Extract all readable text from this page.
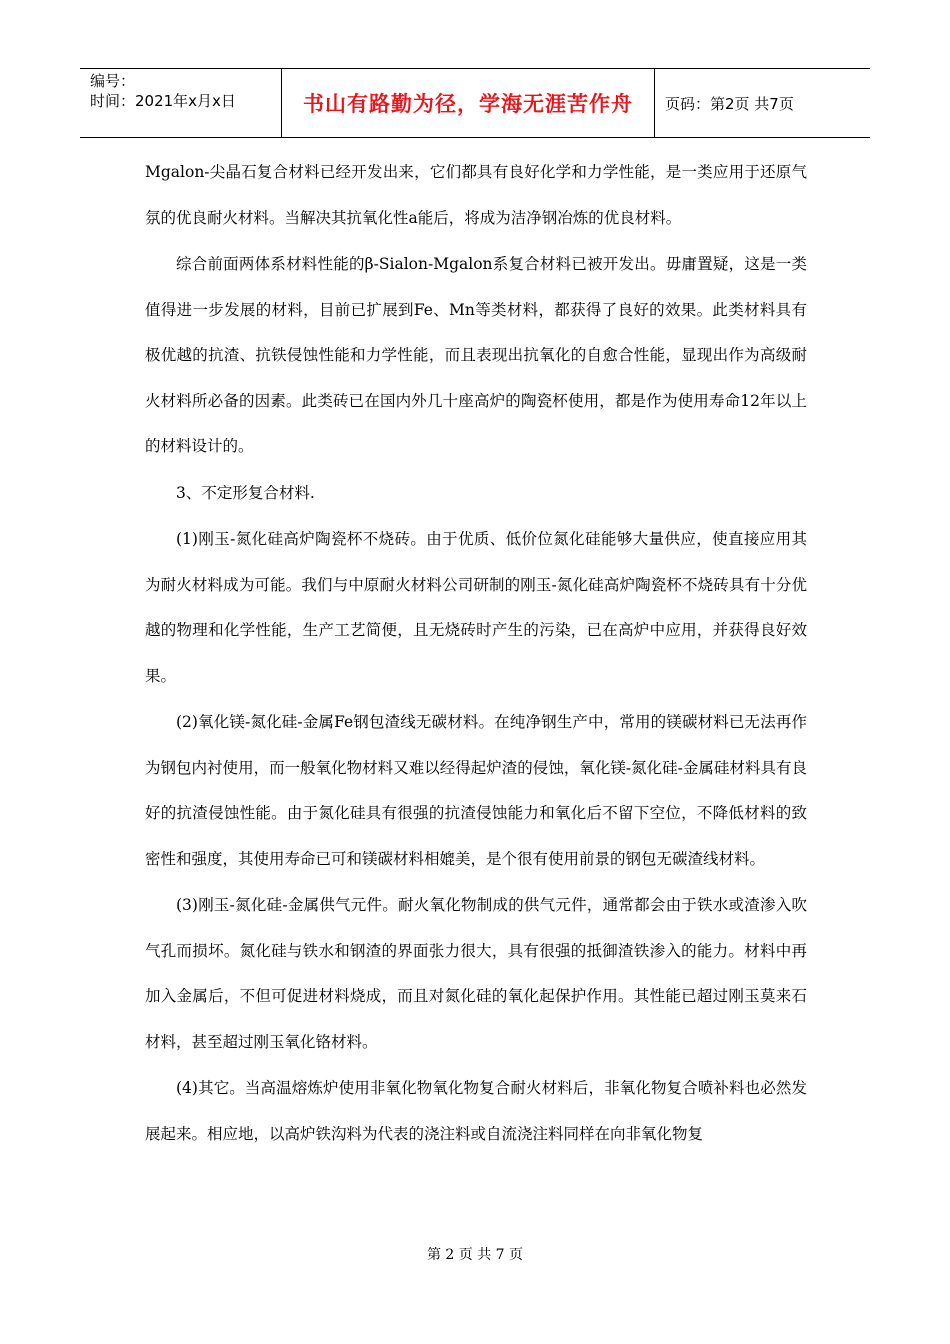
编号：
时间：2021年x月x日	书山有路勤为径，学海无涯苦作舟 页码：第2页 共7页

Mgalon-尖晶石复合材料已经开发出来，它们都具有良好化学和力学性能，是一类应用于还原气氛的优良耐火材料。当解决其抗氧化性a能后，将成为洁净钢冶炼的优良材料。

综合前面两体系材料性能的β-Sialon-Mgalon系复合材料已被开发出。毋庸置疑，这是一类值得进一步发展的材料，目前已扩展到Fe、Mn等类材料，都获得了良好的效果。此类材料具有极优越的抗渣、抗铁侵蚀性能和力学性能，而且表现出抗氧化的自愈合性能，显现出作为高级耐火材料所必备的因素。此类砖已在国内外几十座高炉的陶瓷杯使用，都是作为使用寿命12年以上的材料设计的。

3、不定形复合材料.

(1)刚玉-氮化硅高炉陶瓷杯不烧砖。由于优质、低价位氮化硅能够大量供应，使直接应用其为耐火材料成为可能。我们与中原耐火材料公司研制的刚玉-氮化硅高炉陶瓷杯不烧砖具有十分优越的物理和化学性能，生产工艺简便，且无烧砖时产生的污染，已在高炉中应用，并获得良好效果。

(2)氧化镁-氮化硅-金属Fe钢包渣线无碳材料。在纯净钢生产中，常用的镁碳材料已无法再作为钢包内衬使用，而一般氧化物材料又难以经得起炉渣的侵蚀，氧化镁-氮化硅-金属硅材料具有良好的抗渣侵蚀性能。由于氮化硅具有很强的抗渣侵蚀能力和氧化后不留下空位，不降低材料的致密性和强度，其使用寿命已可和镁碳材料相媲美，是个很有使用前景的钢包无碳渣线材料。

(3)刚玉-氮化硅-金属供气元件。耐火氧化物制成的供气元件，通常都会由于铁水或渣渗入吹气孔而损坏。氮化硅与铁水和钢渣的界面张力很大，具有很强的抵御渣铁渗入的能力。材料中再加入金属后，不但可促进材料烧成，而且对氮化硅的氧化起保护作用。其性能已超过刚玉莫来石材料，甚至超过刚玉氧化铬材料。

(4)其它。当高温熔炼炉使用非氧化物氧化物复合耐火材料后，非氧化物复合喷补料也必然发展起来。相应地，以高炉铁沟料为代表的浇注料或自流浇注料同样在向非氧化物复

第 2 页 共 7 页
